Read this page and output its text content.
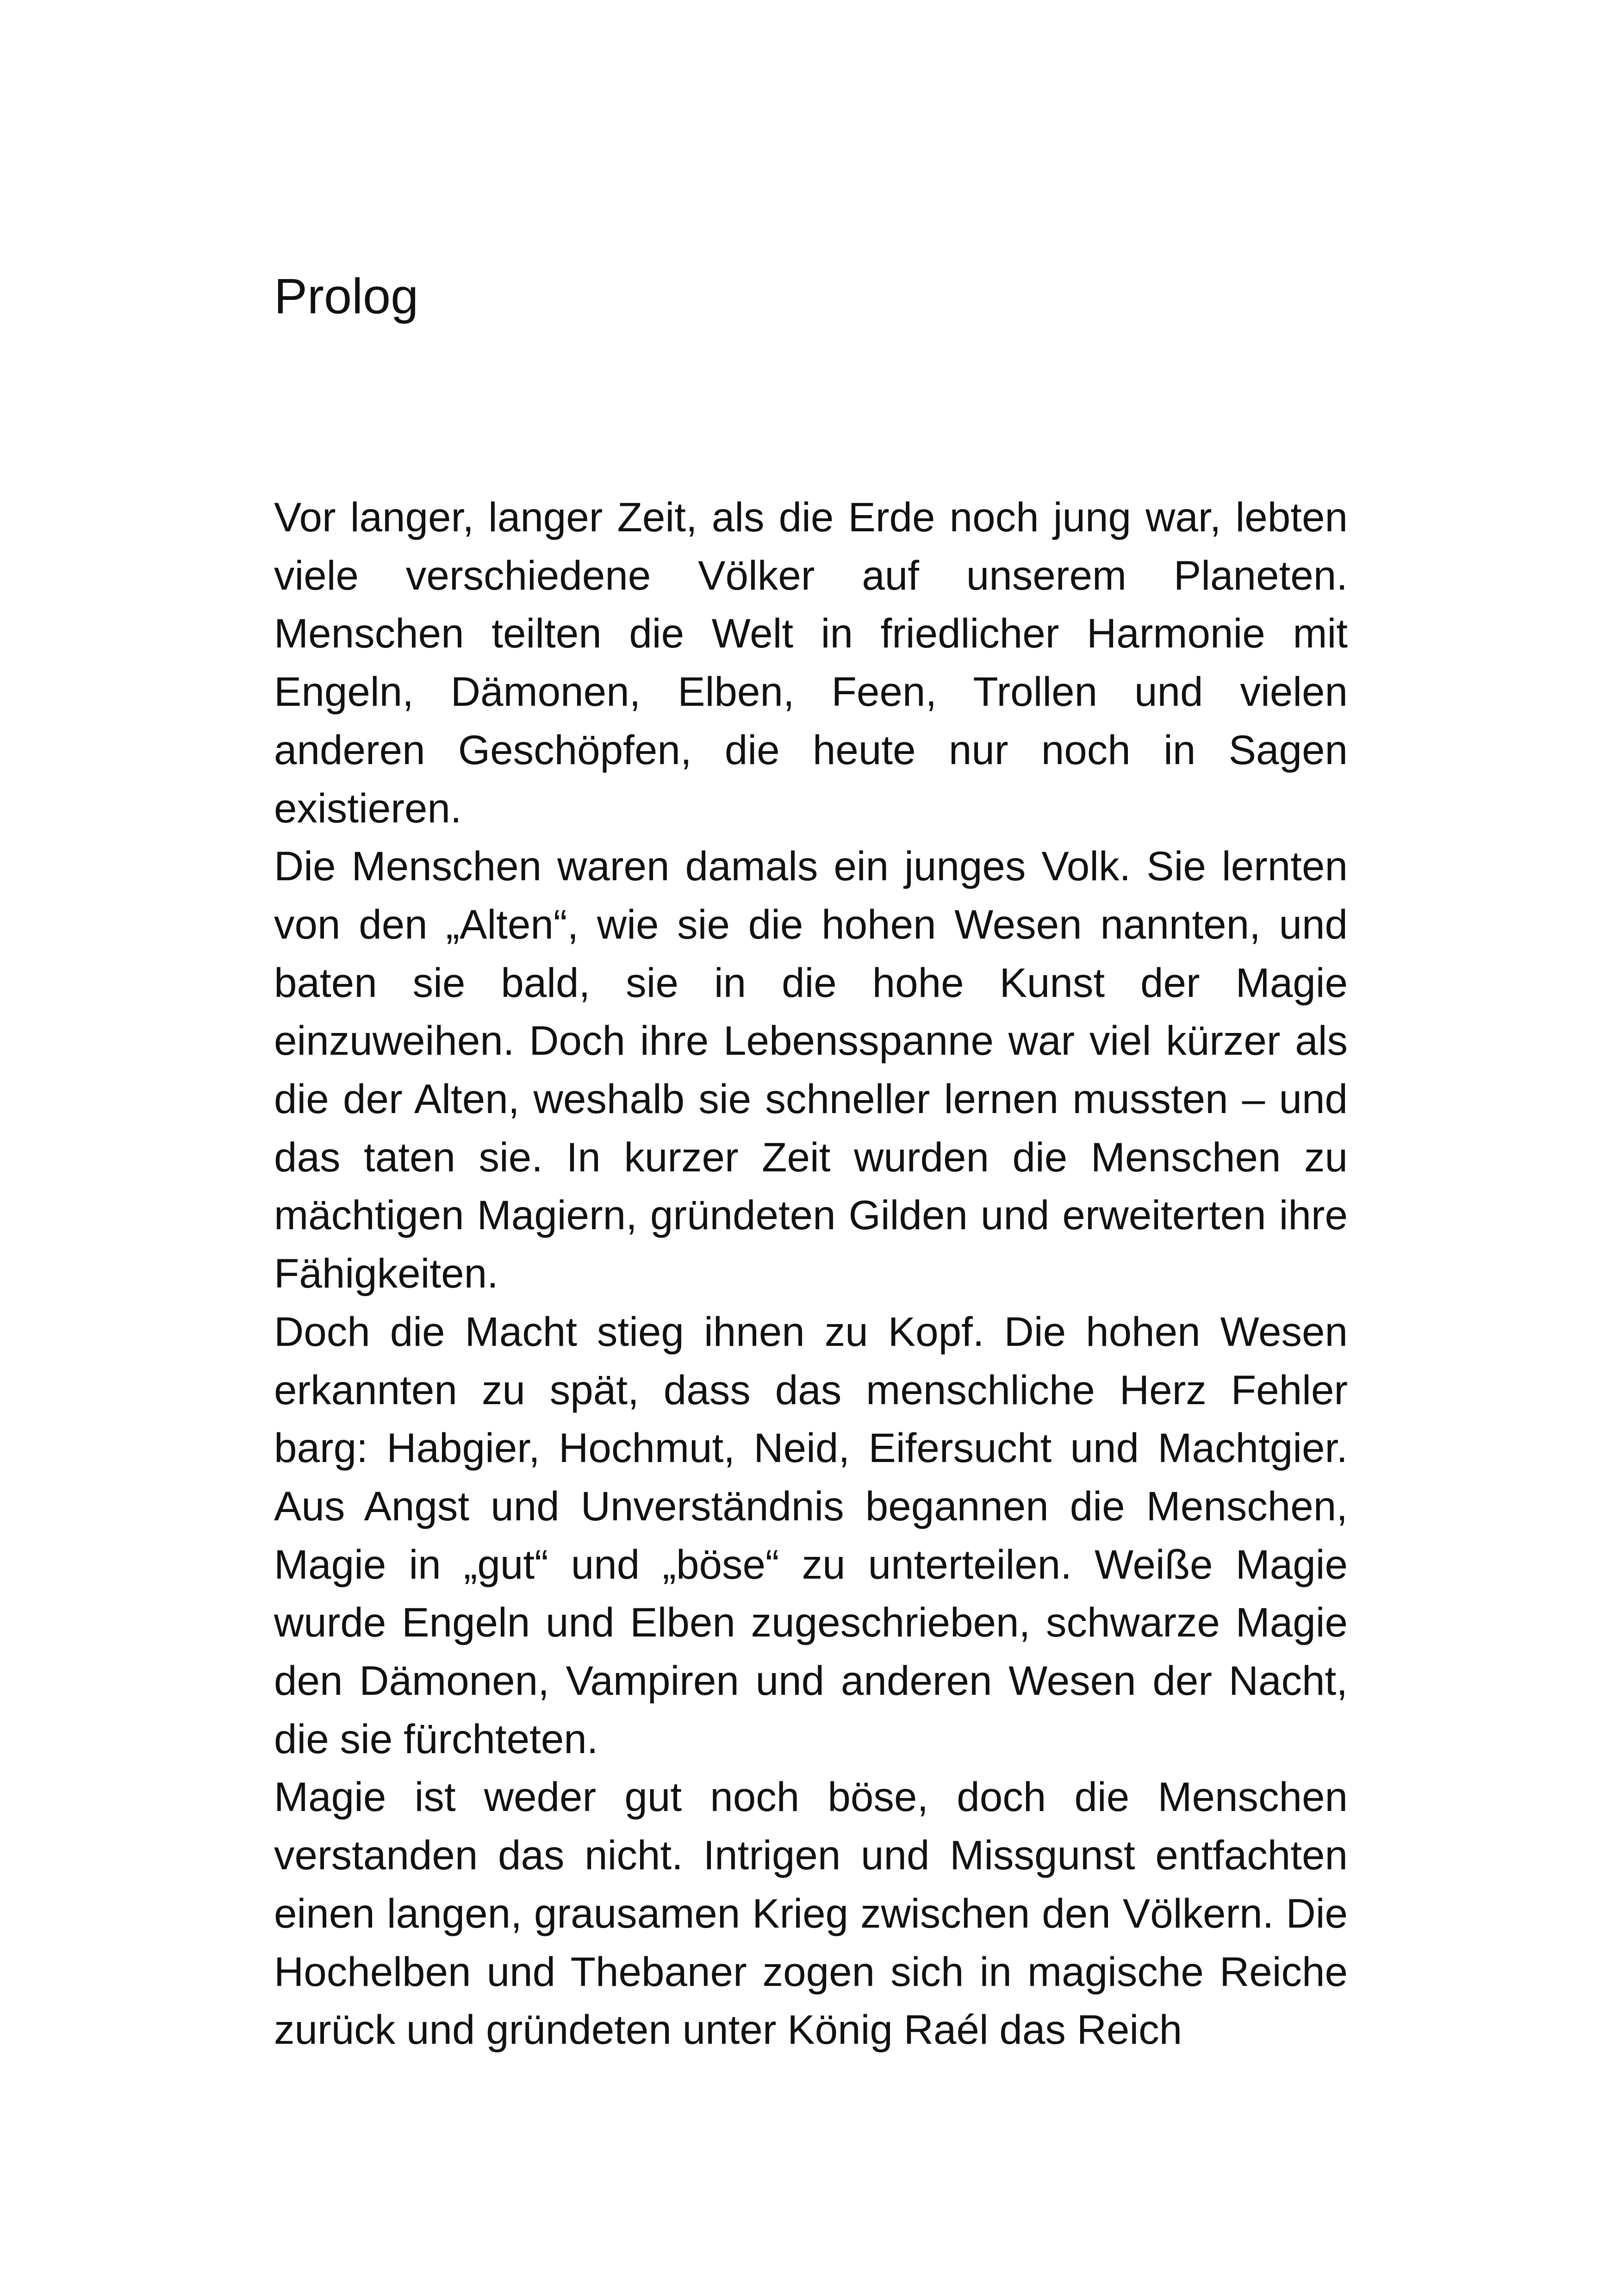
Prolog

Vor langer, langer Zeit, als die Erde noch jung war, lebten viele verschiedene Völker auf unserem Planeten. Menschen teilten die Welt in friedlicher Harmonie mit Engeln, Dämonen, Elben, Feen, Trollen und vielen anderen Geschöpfen, die heute nur noch in Sagen existieren.

Die Menschen waren damals ein junges Volk. Sie lernten von den „Alten“, wie sie die hohen Wesen nannten, und baten sie bald, sie in die hohe Kunst der Magie einzuweihen. Doch ihre Lebensspanne war viel kürzer als die der Alten, weshalb sie schneller lernen mussten – und das taten sie. In kurzer Zeit wurden die Menschen zu mächtigen Magiern, gründeten Gilden und erweiterten ihre Fähigkeiten.

Doch die Macht stieg ihnen zu Kopf. Die hohen Wesen erkannten zu spät, dass das menschliche Herz Fehler barg: Habgier, Hochmut, Neid, Eifersucht und Machtgier. Aus Angst und Unverständnis begannen die Menschen, Magie in „gut“ und „böse“ zu unterteilen. Weiße Magie wurde Engeln und Elben zugeschrieben, schwarze Magie den Dämonen, Vampiren und anderen Wesen der Nacht, die sie fürchteten.

Magie ist weder gut noch böse, doch die Menschen verstanden das nicht. Intrigen und Missgunst entfachten einen langen, grausamen Krieg zwischen den Völkern. Die Hochelben und Thebaner zogen sich in magische Reiche zurück und gründeten unter König Raél das Reich
